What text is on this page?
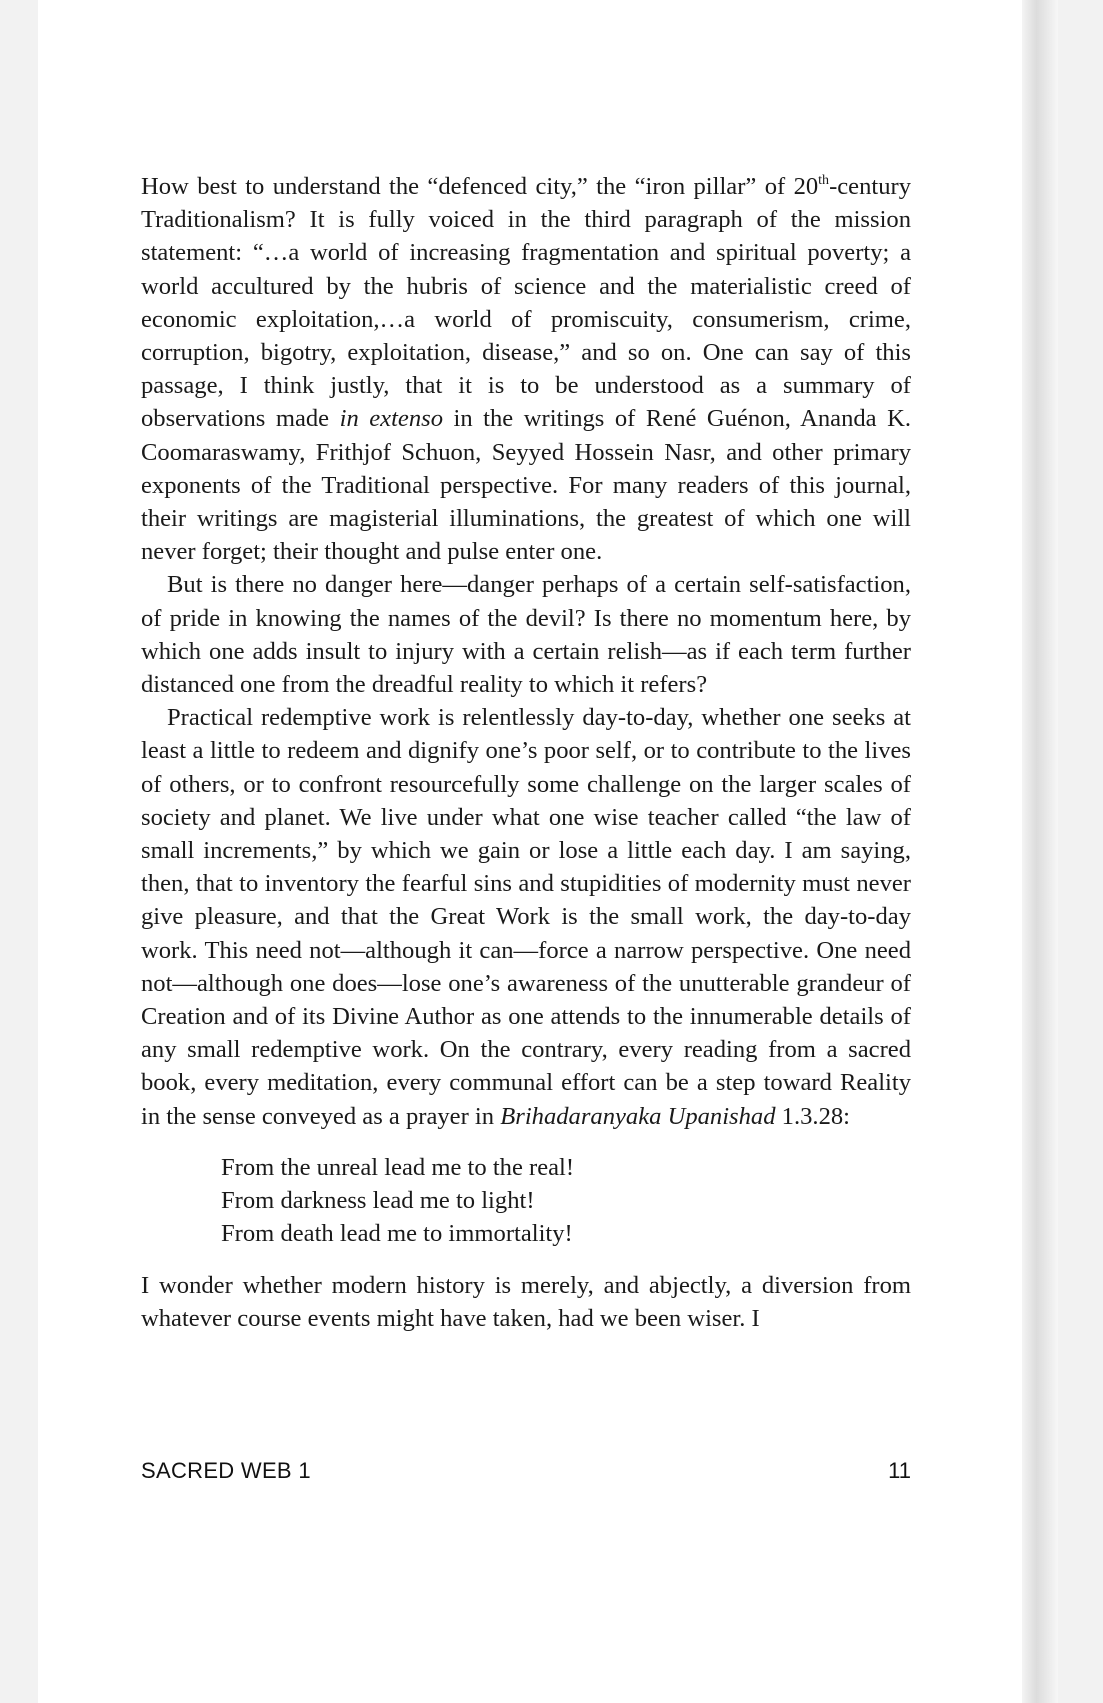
How best to understand the “defenced city,” the “iron pillar” of 20th-century Traditionalism? It is fully voiced in the third paragraph of the mission statement: “…a world of increasing fragmentation and spiritual poverty; a world accultured by the hubris of science and the materialistic creed of economic exploitation,…a world of promiscuity, consumerism, crime, corruption, bigotry, exploitation, disease,” and so on. One can say of this passage, I think justly, that it is to be understood as a summary of observations made in extenso in the writings of René Guénon, Ananda K. Coomaraswamy, Frithjof Schuon, Seyyed Hossein Nasr, and other primary exponents of the Traditional perspective. For many readers of this journal, their writings are magisterial illuminations, the greatest of which one will never forget; their thought and pulse enter one.

But is there no danger here—danger perhaps of a certain self-satisfaction, of pride in knowing the names of the devil? Is there no momentum here, by which one adds insult to injury with a certain relish—as if each term further distanced one from the dreadful reality to which it refers?

Practical redemptive work is relentlessly day-to-day, whether one seeks at least a little to redeem and dignify one’s poor self, or to contribute to the lives of others, or to confront resourcefully some challenge on the larger scales of society and planet. We live under what one wise teacher called “the law of small increments,” by which we gain or lose a little each day. I am saying, then, that to inventory the fearful sins and stupidities of modernity must never give pleasure, and that the Great Work is the small work, the day-to-day work. This need not—although it can—force a narrow perspective. One need not—although one does—lose one’s awareness of the unutterable grandeur of Creation and of its Divine Author as one attends to the innumerable details of any small redemptive work. On the contrary, every reading from a sacred book, every meditation, every communal effort can be a step toward Reality in the sense conveyed as a prayer in Brihadaranyaka Upanishad 1.3.28:

From the unreal lead me to the real!
From darkness lead me to light!
From death lead me to immortality!

I wonder whether modern history is merely, and abjectly, a diversion from whatever course events might have taken, had we been wiser. I

SACRED WEB 1	11
